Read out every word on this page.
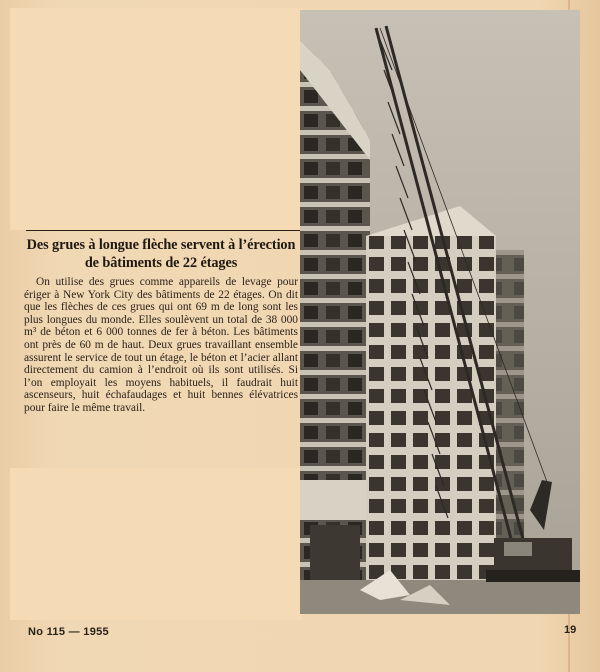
Des grues à longue flèche servent à l’érection de bâtiments de 22 étages

On utilise des grues comme appareils de levage pour ériger à New York City des bâtiments de 22 étages. On dit que les flèches de ces grues qui ont 69 m de long sont les plus longues du monde. Elles soulèvent un total de 38 000 m³ de béton et 6 000 tonnes de fer à béton. Les bâtiments ont près de 60 m de haut. Deux grues travaillant ensemble assurent le service de tout un étage, le béton et l’acier allant directement du camion à l’endroit où ils sont utilisés. Si l’on employait les moyens habituels, il faudrait huit ascenseurs, huit échafaudages et huit bennes élévatrices pour faire le même travail.

No 115 — 1955	19
